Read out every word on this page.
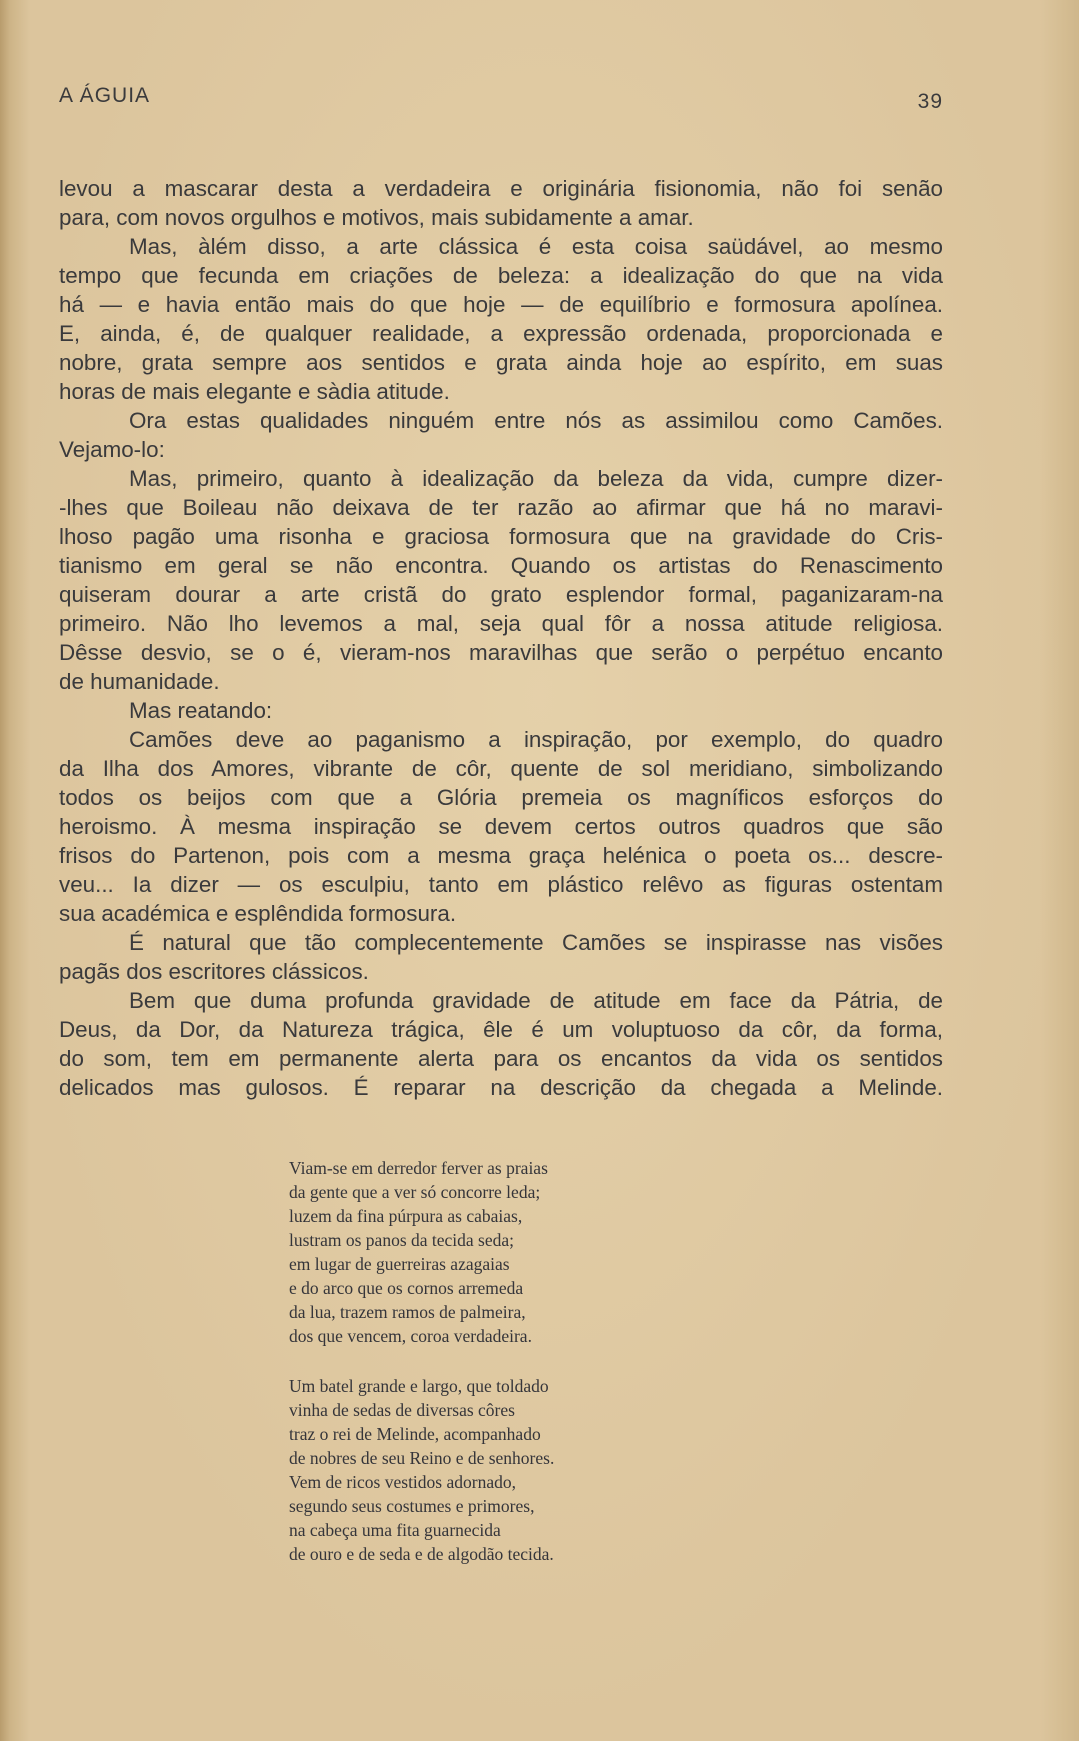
A ÁGUIA	39
levou a mascarar desta a verdadeira e originária fisionomia, não foi senão
para, com novos orgulhos e motivos, mais subidamente a amar.
Mas, àlém disso, a arte clássica é esta coisa saüdável, ao mesmo
tempo que fecunda em criações de beleza: a idealização do que na vida
há — e havia então mais do que hoje — de equilíbrio e formosura apolínea.
E, ainda, é, de qualquer realidade, a expressão ordenada, proporcionada e
nobre, grata sempre aos sentidos e grata ainda hoje ao espírito, em suas
horas de mais elegante e sàdia atitude.
Ora estas qualidades ninguém entre nós as assimilou como Camões.
Vejamo-lo:
Mas, primeiro, quanto à idealização da beleza da vida, cumpre dizer-
-lhes que Boileau não deixava de ter razão ao afirmar que há no maravi-
lhoso pagão uma risonha e graciosa formosura que na gravidade do Cris-
tianismo em geral se não encontra. Quando os artistas do Renascimento
quiseram dourar a arte cristã do grato esplendor formal, paganizaram-na
primeiro. Não lho levemos a mal, seja qual fôr a nossa atitude religiosa.
Dêsse desvio, se o é, vieram-nos maravilhas que serão o perpétuo encanto
de humanidade.
Mas reatando:
Camões deve ao paganismo a inspiração, por exemplo, do quadro
da Ilha dos Amores, vibrante de côr, quente de sol meridiano, simbolizando
todos os beijos com que a Glória premeia os magníficos esforços do
heroismo. À mesma inspiração se devem certos outros quadros que são
frisos do Partenon, pois com a mesma graça helénica o poeta os... descre-
veu... Ia dizer — os esculpiu, tanto em plástico relêvo as figuras ostentam
sua académica e esplêndida formosura.
É natural que tão complecentemente Camões se inspirasse nas visões
pagãs dos escritores clássicos.
Bem que duma profunda gravidade de atitude em face da Pátria, de
Deus, da Dor, da Natureza trágica, êle é um voluptuoso da côr, da forma,
do som, tem em permanente alerta para os encantos da vida os sentidos
delicados mas gulosos. É reparar na descrição da chegada a Melinde.
Viam-se em derredor ferver as praias
da gente que a ver só concorre leda;
luzem da fina púrpura as cabaias,
lustram os panos da tecida seda;
em lugar de guerreiras azagaias
e do arco que os cornos arremeda
da lua, trazem ramos de palmeira,
dos que vencem, coroa verdadeira.
Um batel grande e largo, que toldado
vinha de sedas de diversas côres
traz o rei de Melinde, acompanhado
de nobres de seu Reino e de senhores.
Vem de ricos vestidos adornado,
segundo seus costumes e primores,
na cabeça uma fita guarnecida
de ouro e de seda e de algodão tecida.
